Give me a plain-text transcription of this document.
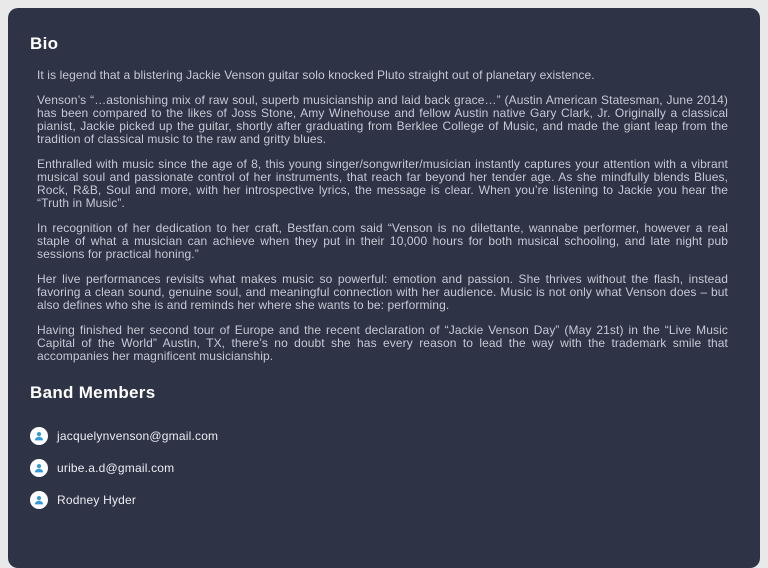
Bio

It is legend that a blistering Jackie Venson guitar solo knocked Pluto straight out of planetary existence.

Venson’s “…astonishing mix of raw soul, superb musicianship and laid back grace…” (Austin American Statesman, June 2014) has been compared to the likes of Joss Stone, Amy Winehouse and fellow Austin native Gary Clark, Jr. Originally a classical pianist, Jackie picked up the guitar, shortly after graduating from Berklee College of Music, and made the giant leap from the tradition of classical music to the raw and gritty blues.

Enthralled with music since the age of 8, this young singer/songwriter/musician instantly captures your attention with a vibrant musical soul and passionate control of her instruments, that reach far beyond her tender age. As she mindfully blends Blues, Rock, R&B, Soul and more, with her introspective lyrics, the message is clear. When you’re listening to Jackie you hear the “Truth in Music”.

In recognition of her dedication to her craft, Bestfan.com said “Venson is no dilettante, wannabe performer, however a real staple of what a musician can achieve when they put in their 10,000 hours for both musical schooling, and late night pub sessions for practical honing.”

Her live performances revisits what makes music so powerful: emotion and passion. She thrives without the flash, instead favoring a clean sound, genuine soul, and meaningful connection with her audience. Music is not only what Venson does – but also defines who she is and reminds her where she wants to be: performing.

Having finished her second tour of Europe and the recent declaration of “Jackie Venson Day” (May 21st) in the “Live Music Capital of the World” Austin, TX, there’s no doubt she has every reason to lead the way with the trademark smile that accompanies her magnificent musicianship.

Band Members
jacquelynvenson@gmail.com
uribe.a.d@gmail.com
Rodney Hyder
